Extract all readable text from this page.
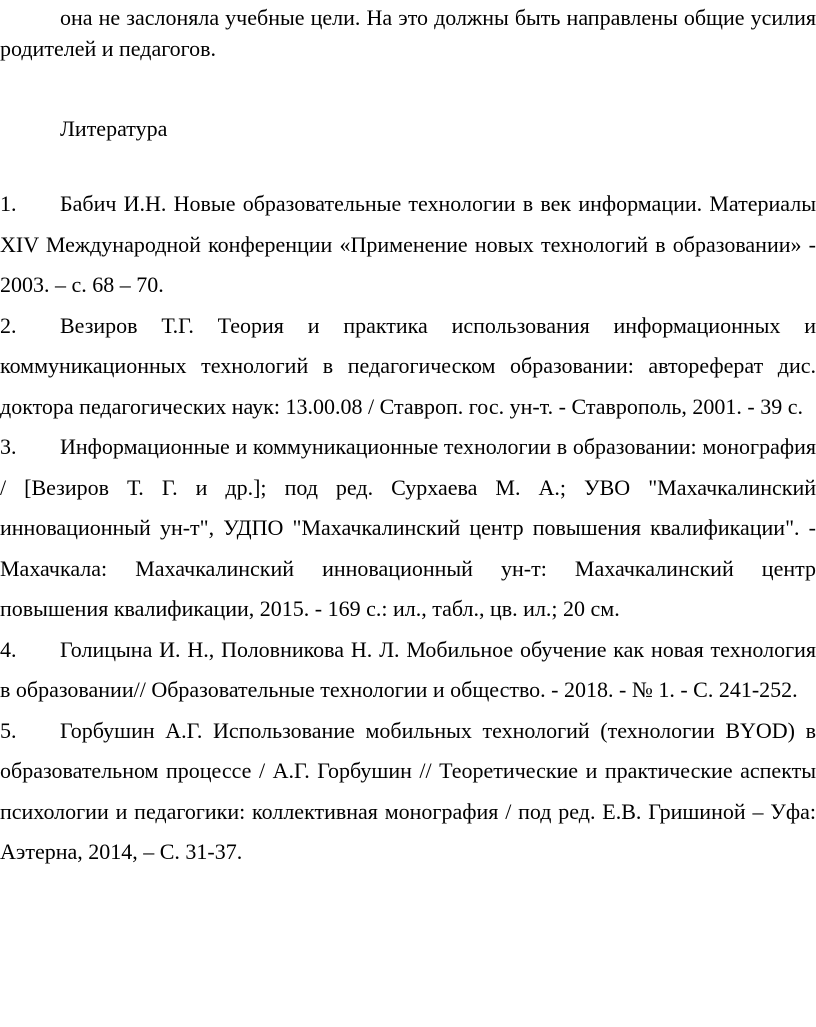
она не заслоняла учебные цели. На это должны быть направлены общие усилия родителей и педагогов.

Литература
1. Бабич И.Н. Новые образовательные технологии в век информации. Материалы XIV Международной конференции «Применение новых технологий в образовании» - 2003. – с. 68 – 70.
2. Везиров Т.Г. Теория и практика использования информационных и коммуникационных технологий в педагогическом образовании: автореферат дис. доктора педагогических наук: 13.00.08 / Ставроп. гос. ун-т. - Ставрополь, 2001. - 39 с.
3. Информационные и коммуникационные технологии в образовании: монография / [Везиров Т. Г. и др.]; под ред. Сурхаева М. А.; УВО "Махачкалинский инновационный ун-т", УДПО "Махачкалинский центр повышения квалификации". - Махачкала: Махачкалинский инновационный ун-т: Махачкалинский центр повышения квалификации, 2015. - 169 с.: ил., табл., цв. ил.; 20 см.
4. Голицына И. Н., Половникова Н. Л. Мобильное обучение как новая технология в образовании// Образовательные технологии и общество. - 2018. - № 1. - С. 241-252.
5. Горбушин А.Г. Использование мобильных технологий (технологии BYOD) в образовательном процессе / А.Г. Горбушин // Теоретические и практические аспекты психологии и педагогики: коллективная монография / под ред. Е.В. Гришиной – Уфа: Аэтерна, 2014, – С. 31-37.
